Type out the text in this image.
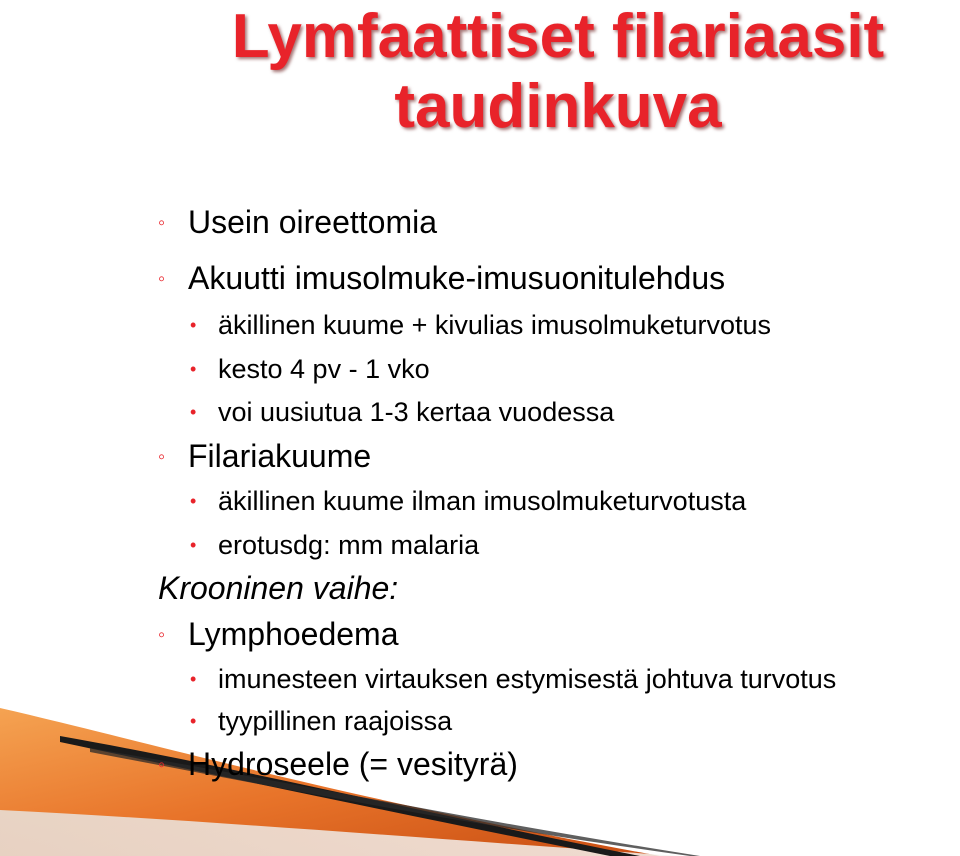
Lymfaattiset filariaasit
taudinkuva
◦ Usein oireettomia
◦ Akuutti imusolmuke-imusuonitulehdus
• äkillinen kuume + kivulias imusolmuketurvotus
• kesto 4 pv - 1 vko
• voi uusiutua 1-3 kertaa vuodessa
◦ Filariakuume
• äkillinen kuume ilman imusolmuketurvotusta
• erotusdg: mm malaria
Krooninen vaihe:
◦ Lymphoedema
• imunesteen virtauksen estymisestä johtuva turvotus
• tyypillinen raajoissa
◦ Hydroseele (= vesityrä)
